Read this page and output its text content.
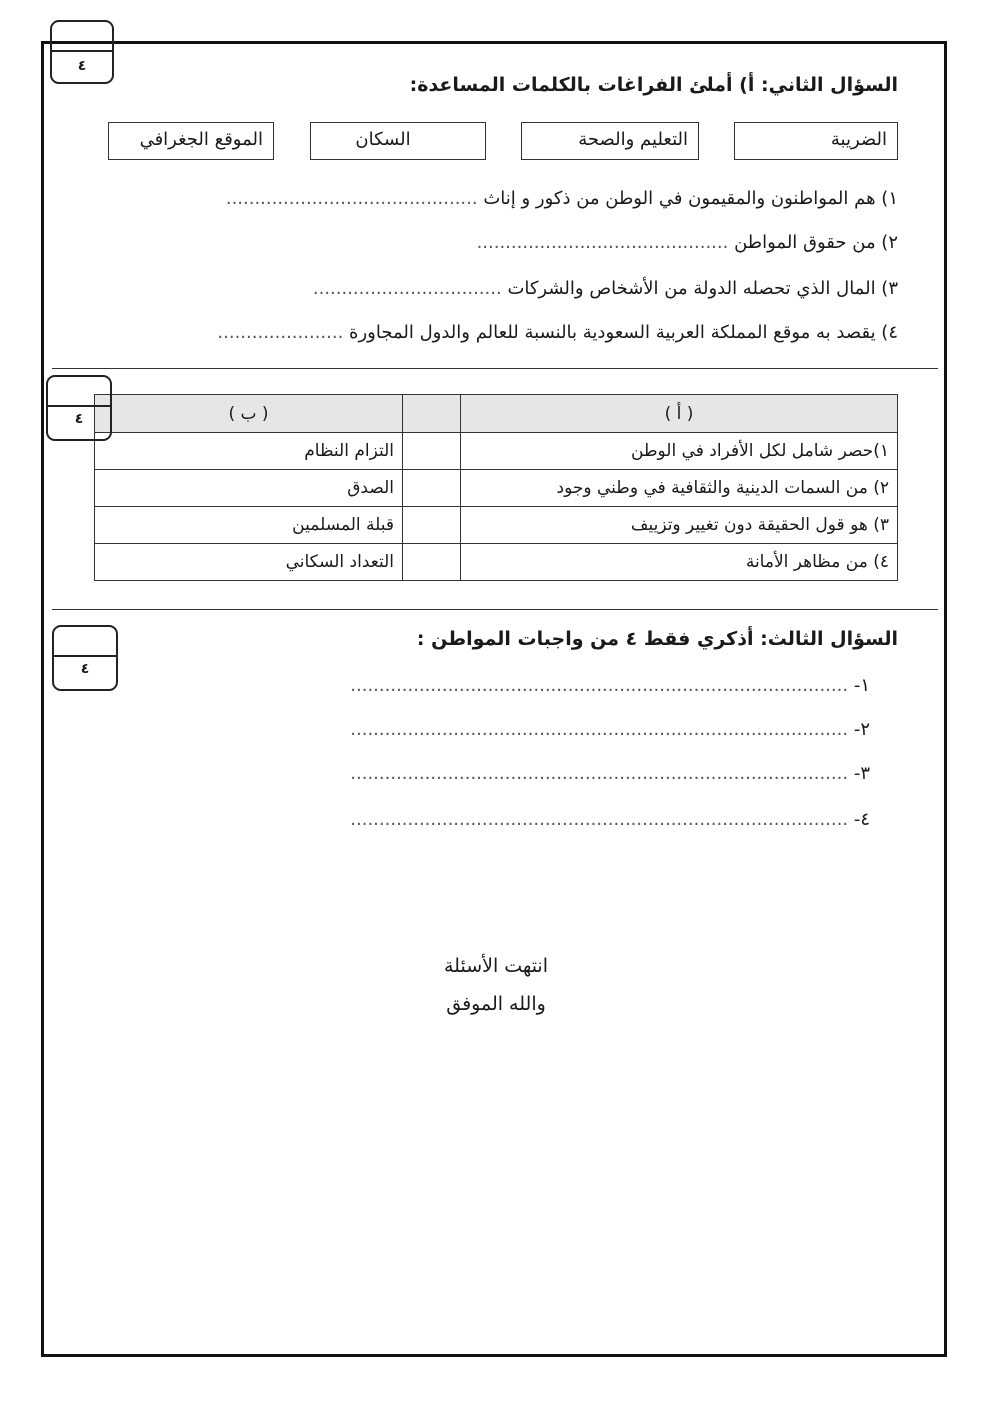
٤
السؤال الثاني: أ) أملئ الفراغات بالكلمات المساعدة:
الضريبة
التعليم والصحة
السكان
الموقع الجغرافي
١) هم المواطنون والمقيمون في الوطن من ذكور و إناث ............................................
٢) من حقوق المواطن ............................................
٣) المال الذي تحصله الدولة من الأشخاص والشركات .................................
٤) يقصد به موقع المملكة العربية السعودية بالنسبة للعالم والدول المجاورة ......................
( أ )		( ب )
١)حصر شامل لكل الأفراد في الوطن		التزام النظام
٢) من السمات الدينية والثقافية في وطني وجود		الصدق
٣) هو قول الحقيقة دون تغيير وتزييف		قبلة المسلمين
٤) من مظاهر الأمانة		التعداد السكاني
٤
٤
السؤال الثالث: أذكري فقط ٤ من واجبات المواطن :
١- .......................................................................................
٢- .......................................................................................
٣- .......................................................................................
٤- .......................................................................................
انتهت الأسئلة
والله الموفق
